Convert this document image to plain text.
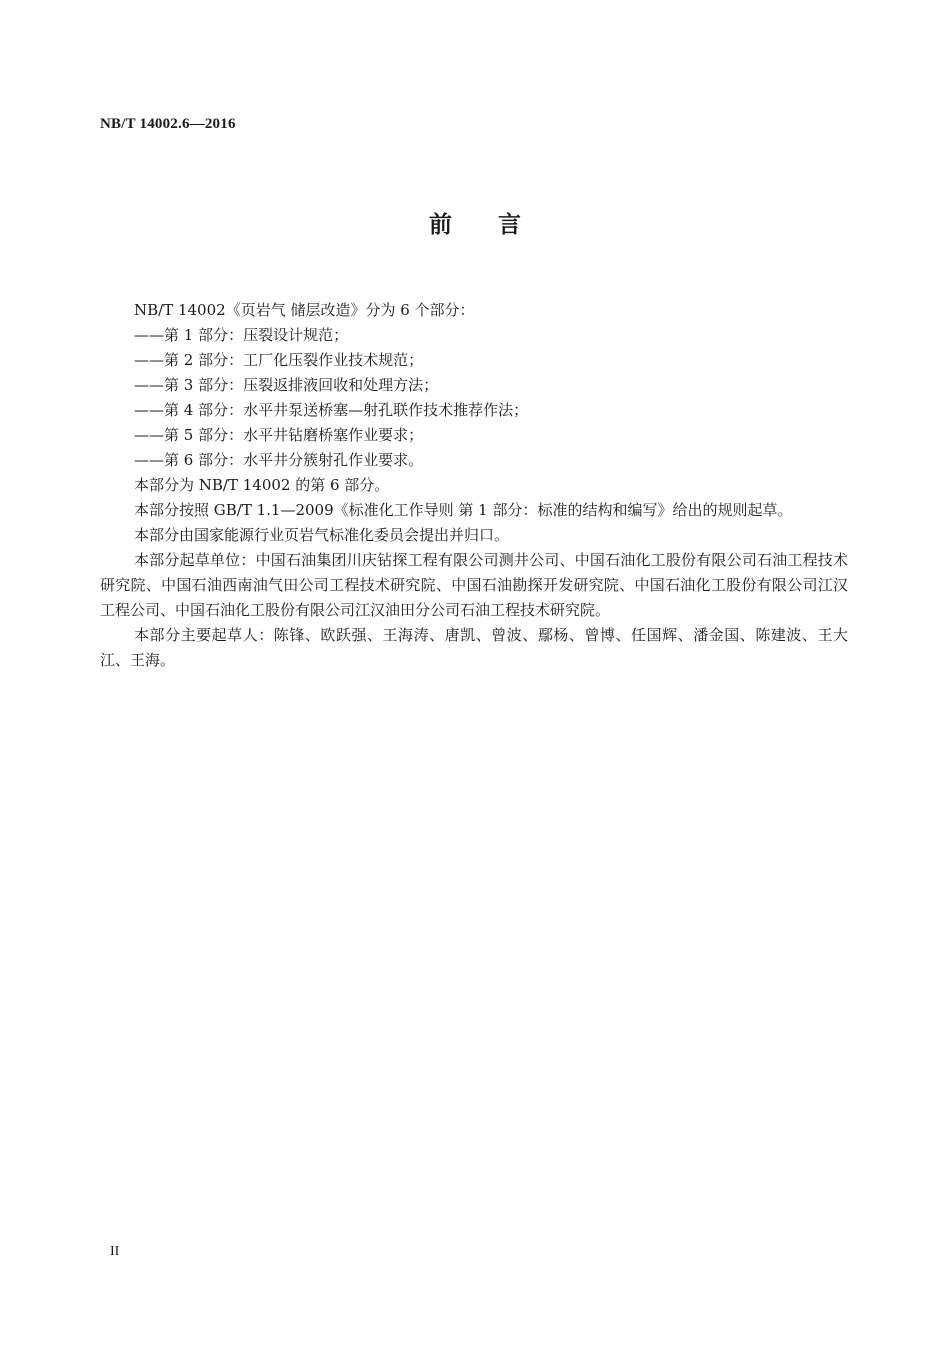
NB/T 14002.6—2016
前 言

NB/T 14002《页岩气 储层改造》分为 6 个部分：

——第 1 部分：压裂设计规范；

——第 2 部分：工厂化压裂作业技术规范；

——第 3 部分：压裂返排液回收和处理方法；

——第 4 部分：水平井泵送桥塞—射孔联作技术推荐作法；

——第 5 部分：水平井钻磨桥塞作业要求；

——第 6 部分：水平井分簇射孔作业要求。

本部分为 NB/T 14002 的第 6 部分。

本部分按照 GB/T 1.1—2009《标准化工作导则 第 1 部分：标准的结构和编写》给出的规则起草。

本部分由国家能源行业页岩气标准化委员会提出并归口。

本部分起草单位：中国石油集团川庆钻探工程有限公司测井公司、中国石油化工股份有限公司石油工程技术研究院、中国石油西南油气田公司工程技术研究院、中国石油勘探开发研究院、中国石油化工股份有限公司江汉工程公司、中国石油化工股份有限公司江汉油田分公司石油工程技术研究院。

本部分主要起草人：陈锋、欧跃强、王海涛、唐凯、曾波、鄢杨、曾博、任国辉、潘金国、陈建波、王大江、王海。

II
